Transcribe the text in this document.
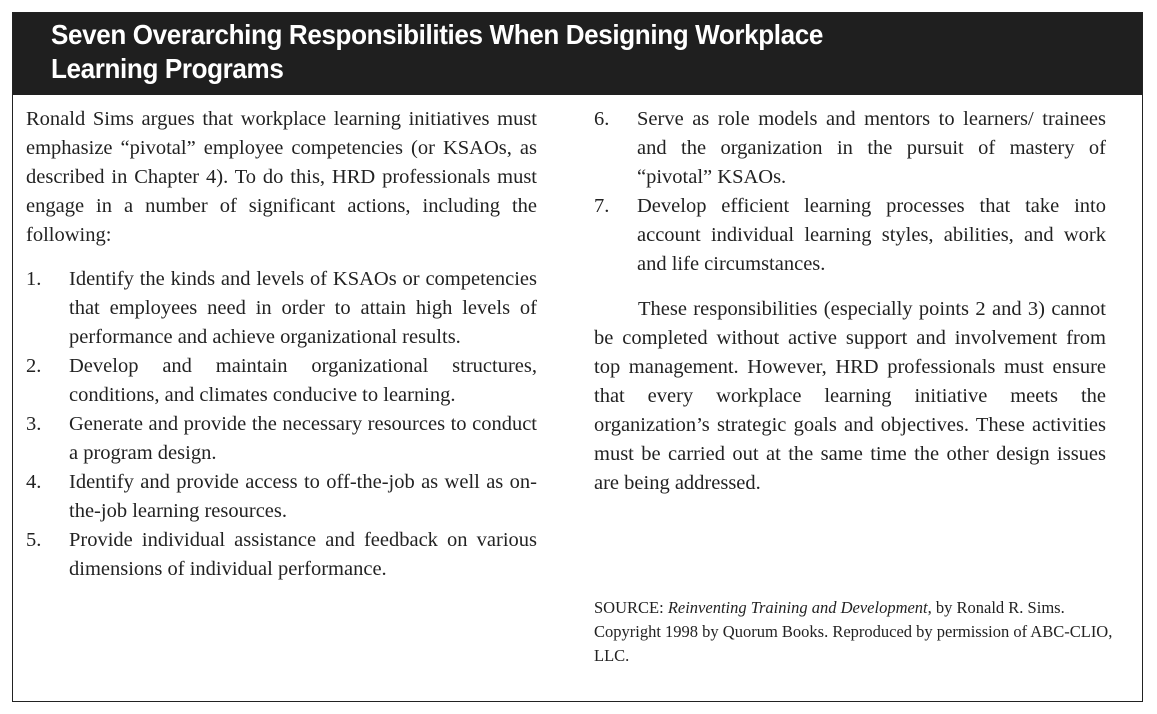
Seven Overarching Responsibilities When Designing Workplace
Learning Programs

Ronald Sims argues that workplace learning initiatives must emphasize “pivotal” employee competencies (or KSAOs, as described in Chapter 4). To do this, HRD professionals must engage in a number of significant actions, including the following:

1.	Identify the kinds and levels of KSAOs or competencies that employees need in order to attain high levels of performance and achieve organizational results.
2.	Develop and maintain organizational structures, conditions, and climates conducive to learning.
3.	Generate and provide the necessary resources to conduct a program design.
4.	Identify and provide access to off-the-job as well as on-the-job learning resources.
5.	Provide individual assistance and feedback on various dimensions of individual performance.
6.	Serve as role models and mentors to learners/ trainees and the organization in the pursuit of mastery of “pivotal” KSAOs.
7.	Develop efficient learning processes that take into account individual learning styles, abilities, and work and life circumstances.

These responsibilities (especially points 2 and 3) cannot be completed without active support and involvement from top management. However, HRD professionals must ensure that every workplace learning initiative meets the organization’s strategic goals and objectives. These activities must be carried out at the same time the other design issues are being addressed.

SOURCE: Reinventing Training and Development, by Ronald R. Sims. Copyright 1998 by Quorum Books. Reproduced by permission of ABC-CLIO, LLC.
